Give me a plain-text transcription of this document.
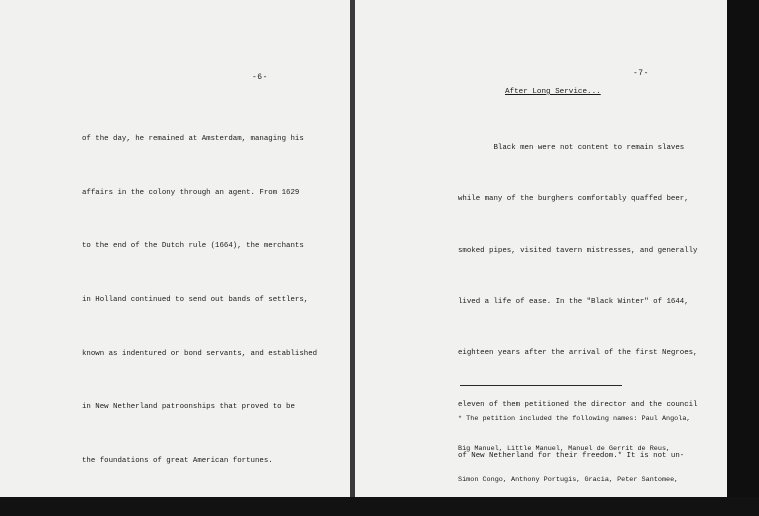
-6-

of the day, he remained at Amsterdam, managing his

affairs in the colony through an agent. From 1629

to the end of the Dutch rule (1664), the merchants

in Holland continued to send out bands of settlers,

known as indentured or bond servants, and established

in New Netherland patroonships that proved to be

the foundations of great American fortunes.

-7-
After Long Service...

Black men were not content to remain slaves

while many of the burghers comfortably quaffed beer,

smoked pipes, visited tavern mistresses, and generally

lived a life of ease. In the "Black Winter" of 1644,

eighteen years after the arrival of the first Negroes,

eleven of them petitioned the director and the council

of New Netherland for their freedom.* It is not un-

* The petition included the following names: Paul Angola,

Big Manuel, Little Manuel, Manuel de Gerrit de Reus,

Simon Congo, Anthony Portugis, Gracia, Peter Santomee,
